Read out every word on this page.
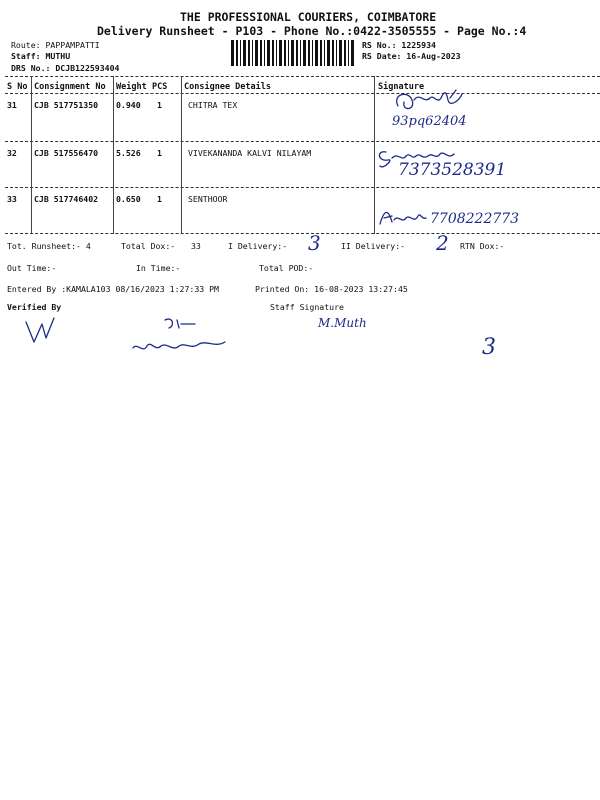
THE PROFESSIONAL COURIERS, COIMBATORE
Delivery Runsheet - P103 - Phone No.:0422-3505555 - Page No.:4
Route: PAPPAMPATTI
Staff: MUTHU
DRS No.: DCJB122593404
RS No.: 1225934
RS Date: 16-Aug-2023
S No Consignment No Weight PCS Consignee Details	Signature
31 CJB 517751350 0.940 1	CHITRA TEX
93pq62404
32 CJB 517556470 5.526 1	VIVEKANANDA KALVI NILAYAM
7373528391
33 CJB 517746402 0.650 1	SENTHOOR
7708222773
Tot. Runsheet:- 4	Total Dox:- 33	I Delivery:- 3 II Delivery:- 2 RTN Dox:-
Out Time:-	In Time:-	Total POD:-
Entered By :KAMALA103 08/16/2023 1:27:33 PM	Printed On: 16-08-2023 13:27:45
Verified By	Staff Signature
M.Muth
3
